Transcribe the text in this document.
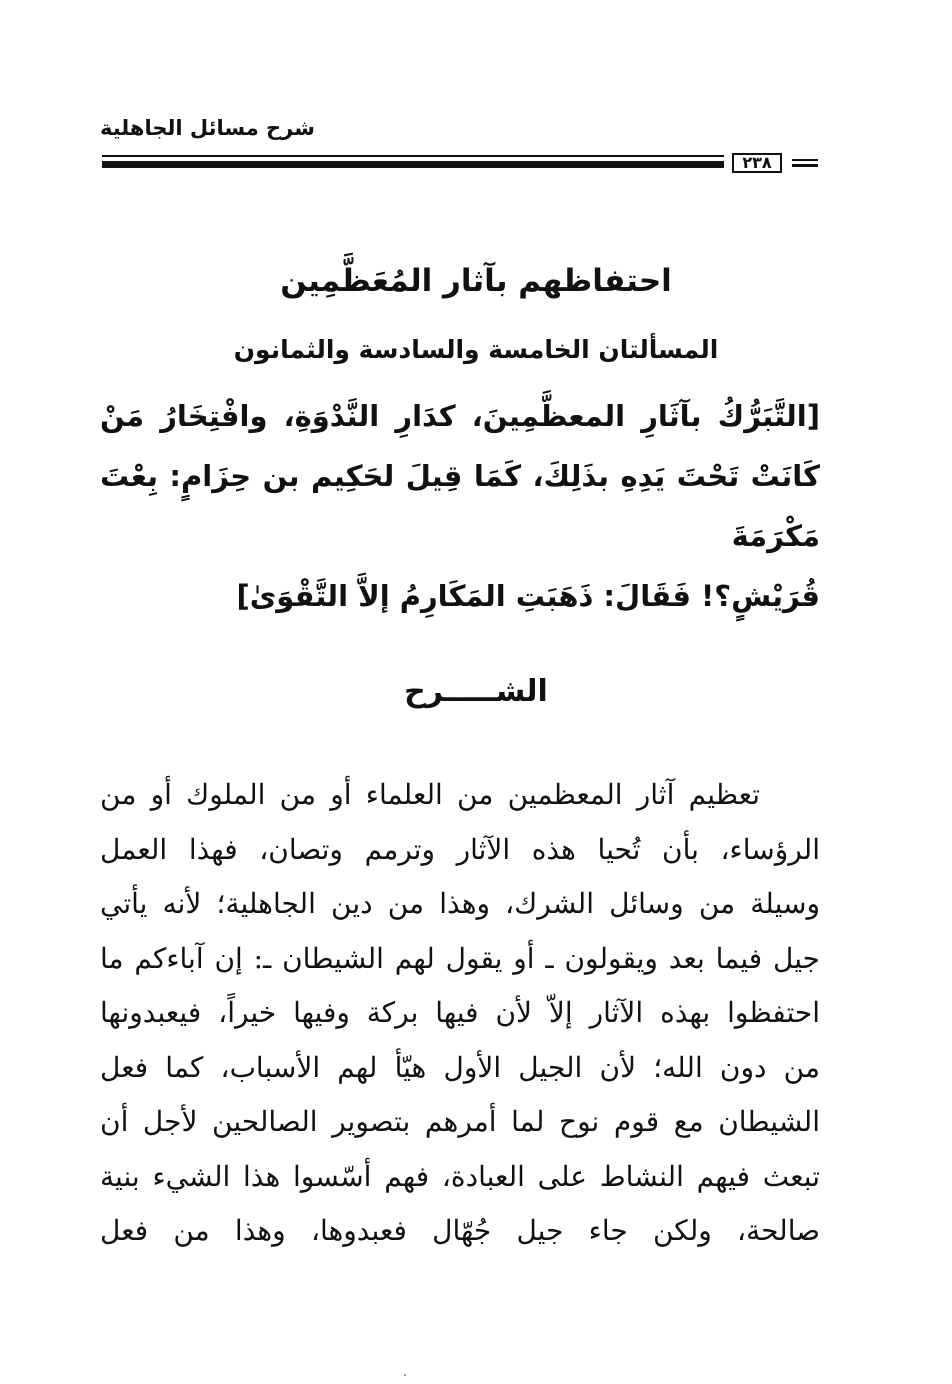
شرح مسائل الجاهلية
٢٣٨
احتفاظهم بآثار المُعَظَّمِين
المسألتان الخامسة والسادسة والثمانون
[التَّبَرُّكُ بآثَارِ المعظَّمِينَ، كدَارِ النَّدْوَةِ، وافْتِخَارُ مَنْ
كَانَتْ تَحْتَ يَدِهِ بذَلِكَ، كَمَا قِيلَ لحَكِيم بن حِزَامٍ: بِعْتَ مَكْرَمَةَ
قُرَيْشٍ؟! فَقَالَ: ذَهَبَتِ المَكَارِمُ إلاَّ التَّقْوَىٰ]
الشـــــرح
تعظيم آثار المعظمين من العلماء أو من الملوك أو من
الرؤساء، بأن تُحيا هذه الآثار وترمم وتصان، فهذا العمل
وسيلة من وسائل الشرك، وهذا من دين الجاهلية؛ لأنه يأتي
جيل فيما بعد ويقولون ـ أو يقول لهم الشيطان ـ: إن آباءكم ما
احتفظوا بهذه الآثار إلاّ لأن فيها بركة وفيها خيراً، فيعبدونها
من دون الله؛ لأن الجيل الأول هيّأ لهم الأسباب، كما فعل
الشيطان مع قوم نوح لما أمرهم بتصوير الصالحين لأجل أن
تبعث فيهم النشاط على العبادة، فهم أسّسوا هذا الشيء بنية
صالحة، ولكن جاء جيل جُهّال فعبدوها، وهذا من فعل
